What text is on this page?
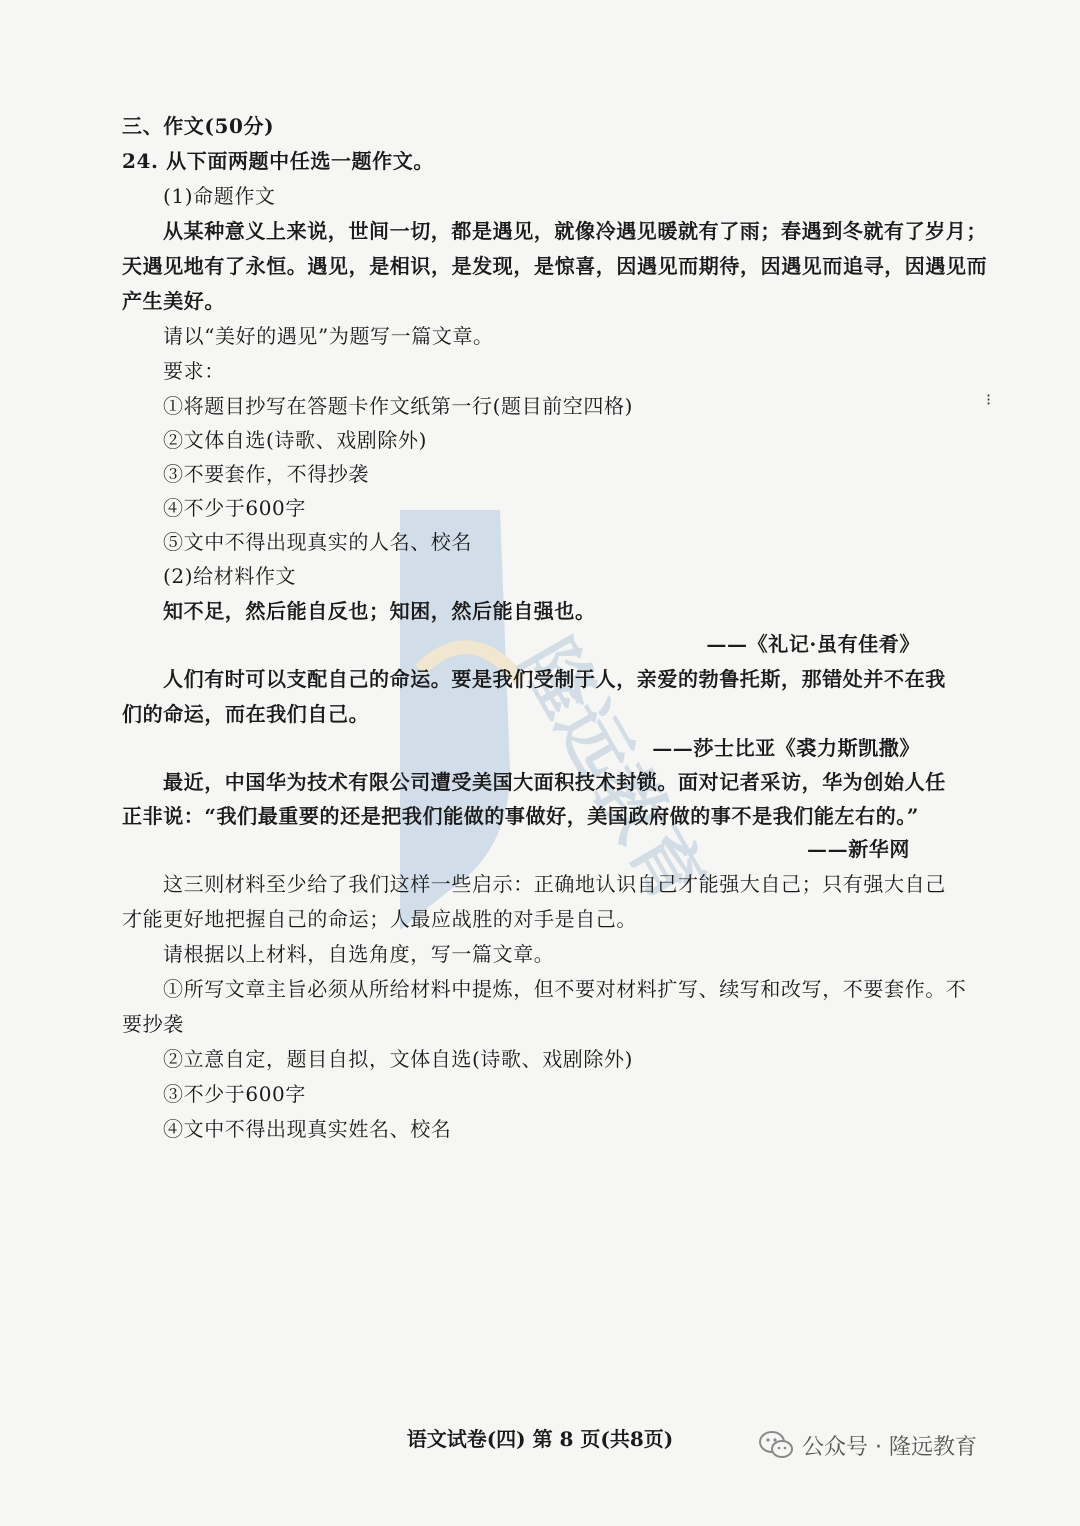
隆远教育
⁝
三、作文(50分)
24. 从下面两题中任选一题作文。
(1)命题作文
从某种意义上来说，世间一切，都是遇见，就像冷遇见暖就有了雨；春遇到冬就有了岁月；
天遇见地有了永恒。遇见，是相识，是发现，是惊喜，因遇见而期待，因遇见而追寻，因遇见而
产生美好。
请以“美好的遇见”为题写一篇文章。
要求：
①将题目抄写在答题卡作文纸第一行(题目前空四格)
②文体自选(诗歌、戏剧除外)
③不要套作，不得抄袭
④不少于600字
⑤文中不得出现真实的人名、校名
(2)给材料作文
知不足，然后能自反也；知困，然后能自强也。
——《礼记·虽有佳肴》
人们有时可以支配自己的命运。要是我们受制于人，亲爱的勃鲁托斯，那错处并不在我
们的命运，而在我们自己。
——莎士比亚《裘力斯凯撒》
最近，中国华为技术有限公司遭受美国大面积技术封锁。面对记者采访，华为创始人任
正非说：“我们最重要的还是把我们能做的事做好，美国政府做的事不是我们能左右的。”
——新华网
这三则材料至少给了我们这样一些启示：正确地认识自己才能强大自己；只有强大自己
才能更好地把握自己的命运；人最应战胜的对手是自己。
请根据以上材料，自选角度，写一篇文章。
①所写文章主旨必须从所给材料中提炼，但不要对材料扩写、续写和改写，不要套作。不
要抄袭
②立意自定，题目自拟，文体自选(诗歌、戏剧除外)
③不少于600字
④文中不得出现真实姓名、校名
语文试卷(四) 第 8 页(共8页)	公众号 · 隆远教育
